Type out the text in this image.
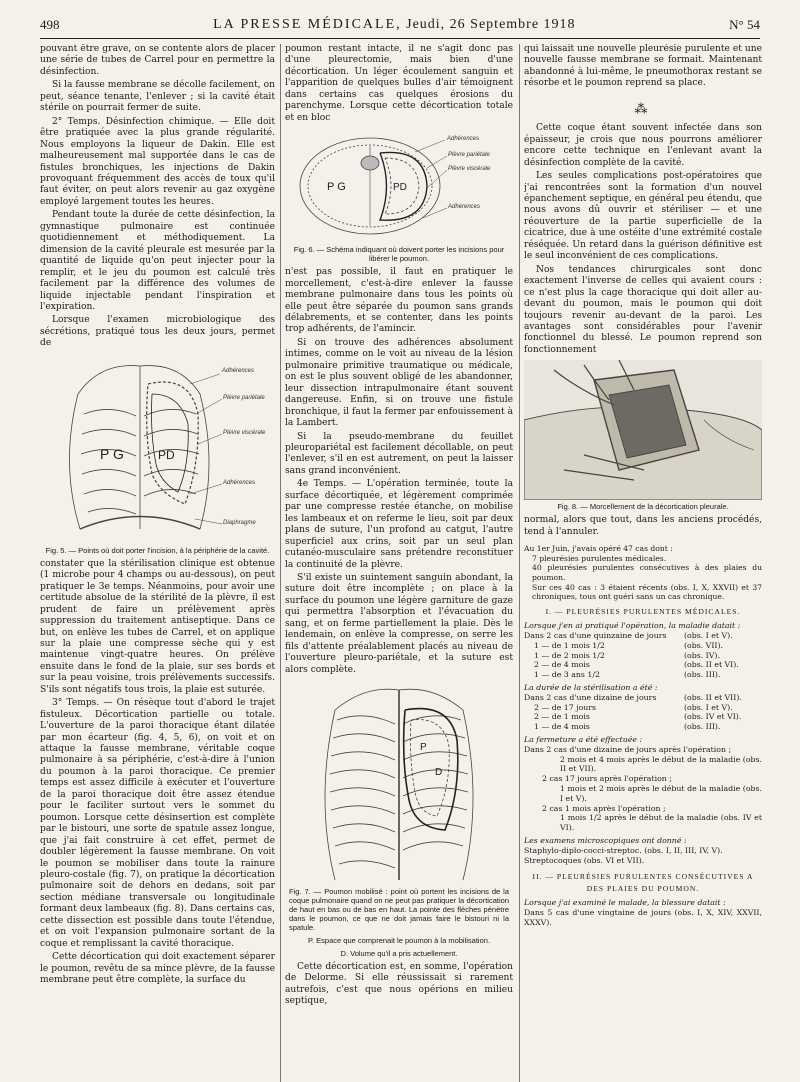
498	LA PRESSE MÉDICALE, Jeudi, 26 Septembre 1918	N° 54

pouvant être grave, on se contente alors de placer une série de tubes de Carrel pour en permettre la désinfection.

Si la fausse membrane se décolle facilement, on peut, séance tenante, l'enlever ; si la cavité était stérile on pourrait fermer de suite.

2° Temps. Désinfection chimique. — Elle doit être pratiquée avec la plus grande régularité. Nous employons la liqueur de Dakin. Elle est malheureusement mal supportée dans le cas de fistules bronchiques, les injections de Dakin provoquant fréquemment des accès de toux qu'il faut éviter, on peut alors revenir au gaz oxygène employé largement toutes les heures.

Pendant toute la durée de cette désinfection, la gymnastique pulmonaire est continuée quotidiennement et méthodiquement. La dimension de la cavité pleurale est mesurée par la quantité de liquide qu'on peut injecter pour la remplir, et le jeu du poumon est calculé très facilement par la différence des volumes de liquide injectable pendant l'inspiration et l'expiration.

Lorsque l'examen microbiologique des sécrétions, pratiqué tous les deux jours, permet de

P G	PD
Adhérences
Plèvre pariétale
Plèvre viscérale
Adhérences
Diaphragme
Fig. 5. — Points où doit porter l'incision, à la périphérie de la cavité.

constater que la stérilisation clinique est obtenue (1 microbe pour 4 champs ou au-dessous), on peut pratiquer le 3e temps. Néanmoins, pour avoir une certitude absolue de la stérilité de la plèvre, il est prudent de faire un prélèvement après suppression du traitement antiseptique. Dans ce but, on enlève les tubes de Carrel, et on applique sur la plaie une compresse sèche qui y est maintenue vingt-quatre heures. On prélève ensuite dans le fond de la plaie, sur ses bords et sur la peau voisine, trois prélèvements successifs. S'ils sont négatifs tous trois, la plaie est suturée.

3° Temps. — On résèque tout d'abord le trajet fistuleux. Décortication partielle ou totale. L'ouverture de la paroi thoracique étant dilatée par mon écarteur (fig. 4, 5, 6), on voit et on attaque la fausse membrane, véritable coque pulmonaire à sa périphérie, c'est-à-dire à l'union du poumon à la paroi thoracique. Ce premier temps est assez difficile à exécuter et l'ouverture de la paroi thoracique doit être assez étendue pour le faciliter surtout vers le sommet du poumon. Lorsque cette désinsertion est complète par le bistouri, une sorte de spatule assez longue, que j'ai fait construire à cet effet, permet de doubler légèrement la fausse membrane. On voit le poumon se mobiliser dans toute la rainure pleuro-costale (fig. 7), on pratique la décortication pulmonaire soit de dehors en dedans, soit par section médiane transversale ou longitudinale formant deux lambeaux (fig. 8). Dans certains cas, cette dissection est possible dans toute l'étendue, et on voit l'expansion pulmonaire sortant de la coque et remplissant la cavité thoracique.

Cette décortication qui doit exactement séparer le poumon, revêtu de sa mince plèvre, de la fausse membrane peut être complète, la surface du

poumon restant intacte, il ne s'agit donc pas d'une pleurectomie, mais bien d'une décortication. Un léger écoulement sanguin et l'apparition de quelques bulles d'air témoignent dans certains cas quelques érosions du parenchyme. Lorsque cette décortication totale et en bloc

P G	PD
Adhérences
Plèvre pariétale
Plèvre viscérale
Adhérences
Fig. 6. — Schéma indiquant où doivent porter les incisions pour libérer le poumon.

n'est pas possible, il faut en pratiquer le morcellement, c'est-à-dire enlever la fausse membrane pulmonaire dans tous les points où elle peut être séparée du poumon sans grands délabrements, et se contenter, dans les points trop adhérents, de l'amincir.

Si on trouve des adhérences absolument intimes, comme on le voit au niveau de la lésion pulmonaire primitive traumatique ou médicale, on est le plus souvent obligé de les abandonner, leur dissection intrapulmonaire étant souvent dangereuse. Enfin, si on trouve une fistule bronchique, il faut la fermer par enfouissement à la Lambert.

Si la pseudo-membrane du feuillet pleuropariétal est facilement décollable, on peut l'enlever, s'il en est autrement, on peut la laisser sans grand inconvénient.

4e Temps. — L'opération terminée, toute la surface décortiquée, et légèrement comprimée par une compresse restée étanche, on mobilise les lambeaux et on referme le lieu, soit par deux plans de suture, l'un profond au catgut, l'autre superficiel aux crins, soit par un seul plan cutanéo-musculaire sans prétendre reconstituer la continuité de la plèvre.

S'il existe un suintement sanguin abondant, la suture doit être incomplète ; on place à la surface du poumon une légère garniture de gaze qui permettra l'absorption et l'évacuation du sang, et on ferme partiellement la plaie. Dès le lendemain, on enlève la compresse, on serre les fils d'attente préalablement placés au niveau de l'ouverture pleuro-pariétale, et la suture est alors complète.

P
D
Fig. 7. — Poumon mobilisé : point où portent les incisions de la coque pulmonaire quand on ne peut pas pratiquer la décortication de haut en bas ou de bas en haut. La pointe des flèches pénètre dans le poumon, ce que ne doit jamais faire le bistouri ni la spatule.
P. Espace que comprenait le poumon à la mobilisation.
D. Volume qu'il a pris actuellement.

Cette décortication est, en somme, l'opération de Delorme. Si elle réussissait si rarement autrefois, c'est que nous opérions en milieu septique,

qui laissait une nouvelle pleurésie purulente et une nouvelle fausse membrane se formait. Maintenant abandonné à lui-même, le pneumothorax restant se résorbe et le poumon reprend sa place.

⁂

Cette coque étant souvent infectée dans son épaisseur, je crois que nous pourrons améliorer encore cette technique en l'enlevant avant la désinfection complète de la cavité.

Les seules complications post-opératoires que j'ai rencontrées sont la formation d'un nouvel épanchement septique, en général peu étendu, que nous avons dû ouvrir et stériliser — et une réouverture de la partie superficielle de la cicatrice, due à une ostéite d'une extrémité costale réséquée. Un retard dans la guérison définitive est le seul inconvénient de ces complications.

Nos tendances chirurgicales sont donc exactement l'inverse de celles qui avaient cours : ce n'est plus la cage thoracique qui doit aller au-devant du poumon, mais le poumon qui doit toujours revenir au-devant de la paroi. Les avantages sont considérables pour l'avenir fonctionnel du blessé. Le poumon reprend son fonctionnement

Fig. 8. — Morcellement de la décortication pleurale.

normal, alors que tout, dans les anciens procédés, tend à l'annuler.

Au 1er Juin, j'avais opéré 47 cas dont :
7 pleurésies purulentes médicales.
40 pleurésies purulentes consécutives à des plaies du poumon.
Sur ces 40 cas : 3 étaient récents (obs. I, X, XXVII) et 37 chroniques, tous ont guéri sans un cas chronique.
I. — PLEURÉSIES PURULENTES MÉDICALES.
Lorsque j'en ai pratiqué l'opération, la maladie datait :
Dans 2 cas d'une quinzaine de jours	(obs. I et V).
1 — de 1 mois 1/2	(obs. VII).
1 — de 2 mois 1/2	(obs. IV).
2 — de 4 mois	(obs. II et VI).
1 — de 3 ans 1/2	(obs. III).
La durée de la stérilisation a été :
Dans 2 cas d'une dizaine de jours	(obs. II et VII).
2 — de 17 jours	(obs. I et V).
2 — de 1 mois	(obs. IV et VI).
1 — de 4 mois	(obs. III).
La fermeture a été effectuée :
Dans 2 cas d'une dizaine de jours après l'opération ;
2 mois et 4 mois après le début de la maladie (obs. II et VII).
2 cas 17 jours après l'opération ;
1 mois et 2 mois après le début de la maladie (obs. I et V).
2 cas 1 mois après l'opération ;
1 mois 1/2 après le début de la maladie (obs. IV et VI).
Les examens microscopiques ont donné :
Staphylo-diplo-cocci-streptoc. (obs. I, II, III, IV, V).
Streptocoques (obs. VI et VII).
II. — PLEURÉSIES PURULENTES CONSÉCUTIVES A DES PLAIES DU POUMON.
Lorsque j'ai examiné le malade, la blessure datait :
Dans 5 cas d'une vingtaine de jours (obs. I, X, XIV, XXVII, XXXV).
